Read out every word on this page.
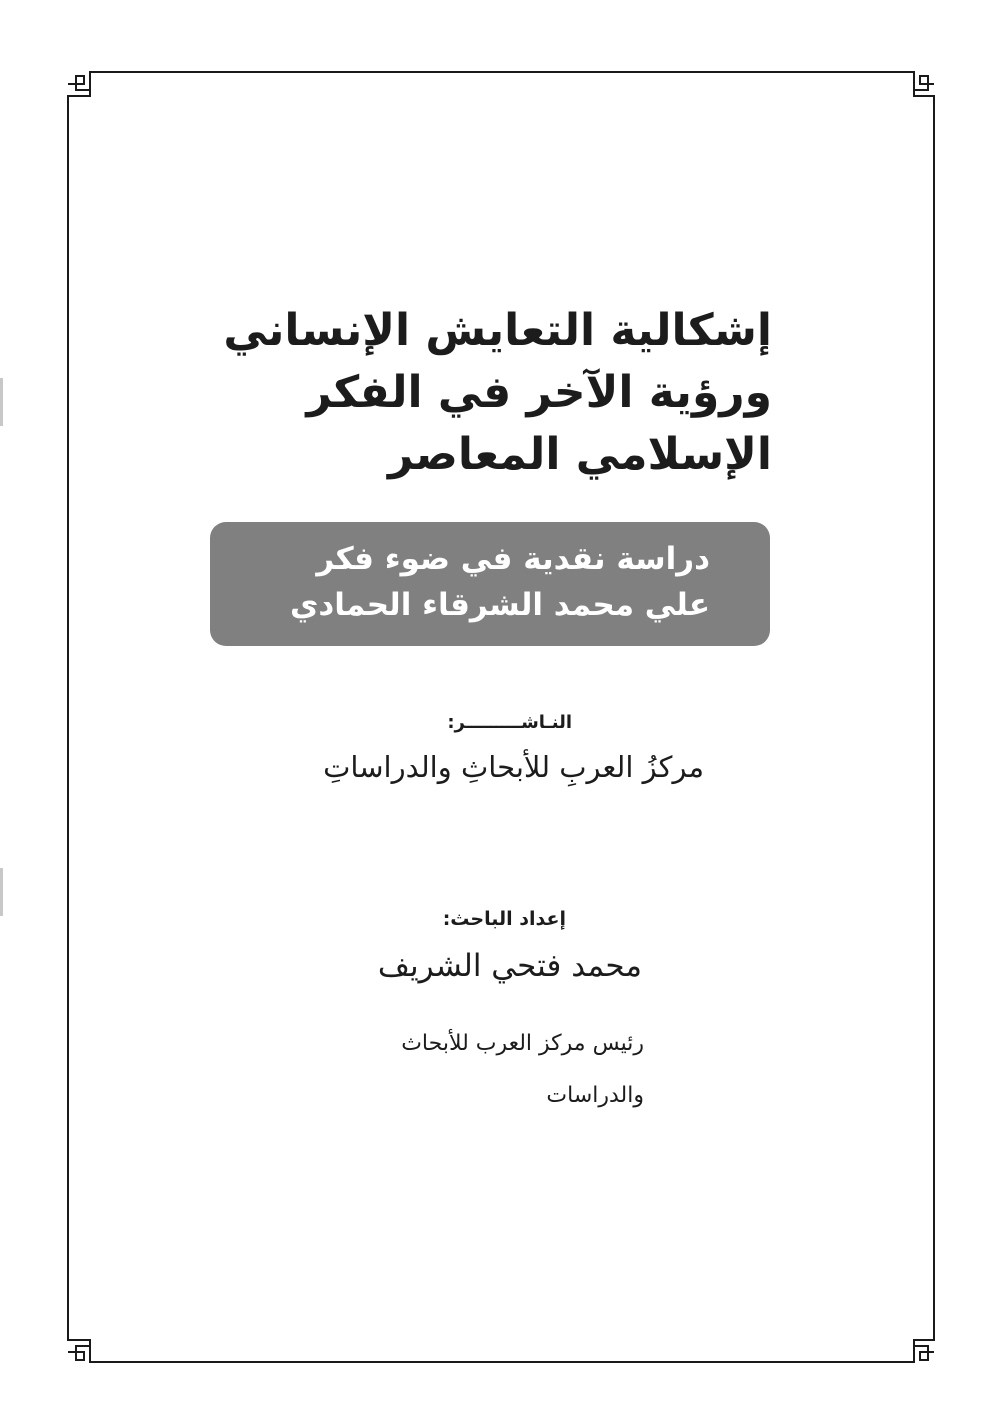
إشكالية التعايش الإنساني
ورؤية الآخر في الفكر
الإسلامي المعاصر
دراسة نقدية في ضوء فكر
علي محمد الشرقاء الحمادي
النـاشـــــــــر:
مركزُ العربِ للأبحاثِ والدراساتِ
إعداد الباحث:
محمد فتحي الشريف
رئيس مركز العرب للأبحاث
والدراسات
